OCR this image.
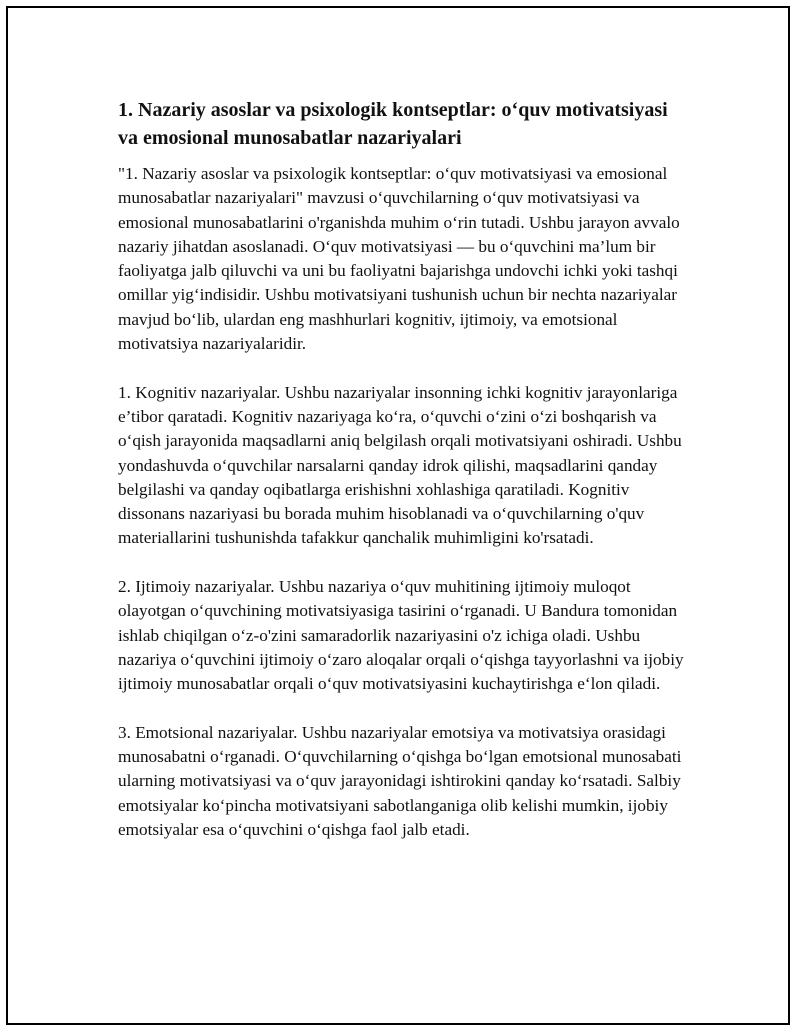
1. Nazariy asoslar va psixologik kontseptlar: o‘quv motivatsiyasi va emosional munosabatlar nazariyalari

"1. Nazariy asoslar va psixologik kontseptlar: o‘quv motivatsiyasi va emosional munosabatlar nazariyalari" mavzusi o‘quvchilarning o‘quv motivatsiyasi va emosional munosabatlarini o'rganishda muhim o‘rin tutadi. Ushbu jarayon avvalo nazariy jihatdan asoslanadi. O‘quv motivatsiyasi — bu o‘quvchini ma’lum bir faoliyatga jalb qiluvchi va uni bu faoliyatni bajarishga undovchi ichki yoki tashqi omillar yig‘indisidir. Ushbu motivatsiyani tushunish uchun bir nechta nazariyalar mavjud bo‘lib, ulardan eng mashhurlari kognitiv, ijtimoiy, va emotsional motivatsiya nazariyalaridir.

1. Kognitiv nazariyalar. Ushbu nazariyalar insonning ichki kognitiv jarayonlariga e’tibor qaratadi. Kognitiv nazariyaga ko‘ra, o‘quvchi o‘zini o‘zi boshqarish va o‘qish jarayonida maqsadlarni aniq belgilash orqali motivatsiyani oshiradi. Ushbu yondashuvda o‘quvchilar narsalarni qanday idrok qilishi, maqsadlarini qanday belgilashi va qanday oqibatlarga erishishni xohlashiga qaratiladi. Kognitiv dissonans nazariyasi bu borada muhim hisoblanadi va o‘quvchilarning o'quv materiallarini tushunishda tafakkur qanchalik muhimligini ko'rsatadi.

2. Ijtimoiy nazariyalar. Ushbu nazariya o‘quv muhitining ijtimoiy muloqot olayotgan o‘quvchining motivatsiyasiga tasirini o‘rganadi. U Bandura tomonidan ishlab chiqilgan o‘z-o'zini samaradorlik nazariyasini o'z ichiga oladi. Ushbu nazariya o‘quvchini ijtimoiy o‘zaro aloqalar orqali o‘qishga tayyorlashni va ijobiy ijtimoiy munosabatlar orqali o‘quv motivatsiyasini kuchaytirishga e‘lon qiladi.

3. Emotsional nazariyalar. Ushbu nazariyalar emotsiya va motivatsiya orasidagi munosabatni o‘rganadi. O‘quvchilarning o‘qishga bo‘lgan emotsional munosabati ularning motivatsiyasi va o‘quv jarayonidagi ishtirokini qanday ko‘rsatadi. Salbiy emotsiyalar ko‘pincha motivatsiyani sabotlanganiga olib kelishi mumkin, ijobiy emotsiyalar esa o‘quvchini o‘qishga faol jalb etadi.
